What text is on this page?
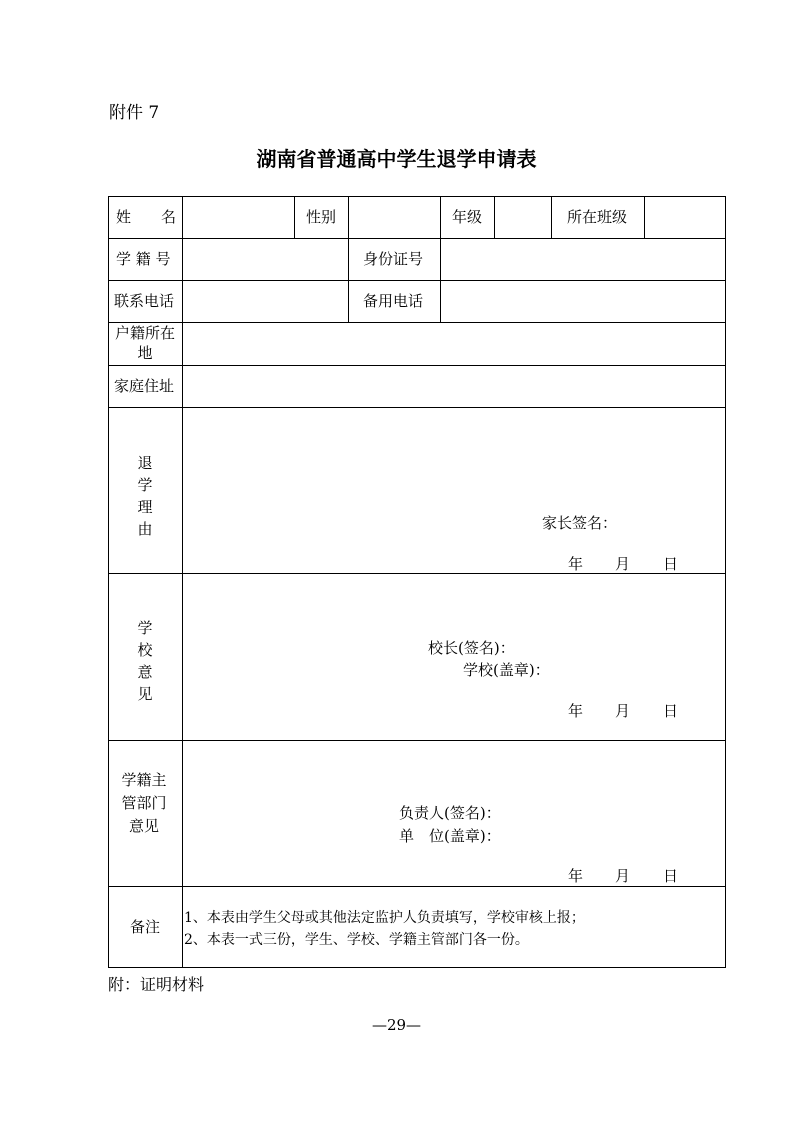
附件 7
湖南省普通高中学生退学申请表
姓　　名	性别	年级	所在班级
学 籍 号	身份证号
联系电话	备用电话
户籍所在地
家庭住址
退学理由	家长签名：
年 月 日
学校意见
校长(签名)：
学校(盖章)：
年 月 日
学籍主管部门意见
负责人(签名)：
单　位(盖章)：
年 月 日
备注 1、本表由学生父母或其他法定监护人负责填写，学校审核上报；
2、本表一式三份，学生、学校、学籍主管部门各一份。
附：证明材料
—29—
